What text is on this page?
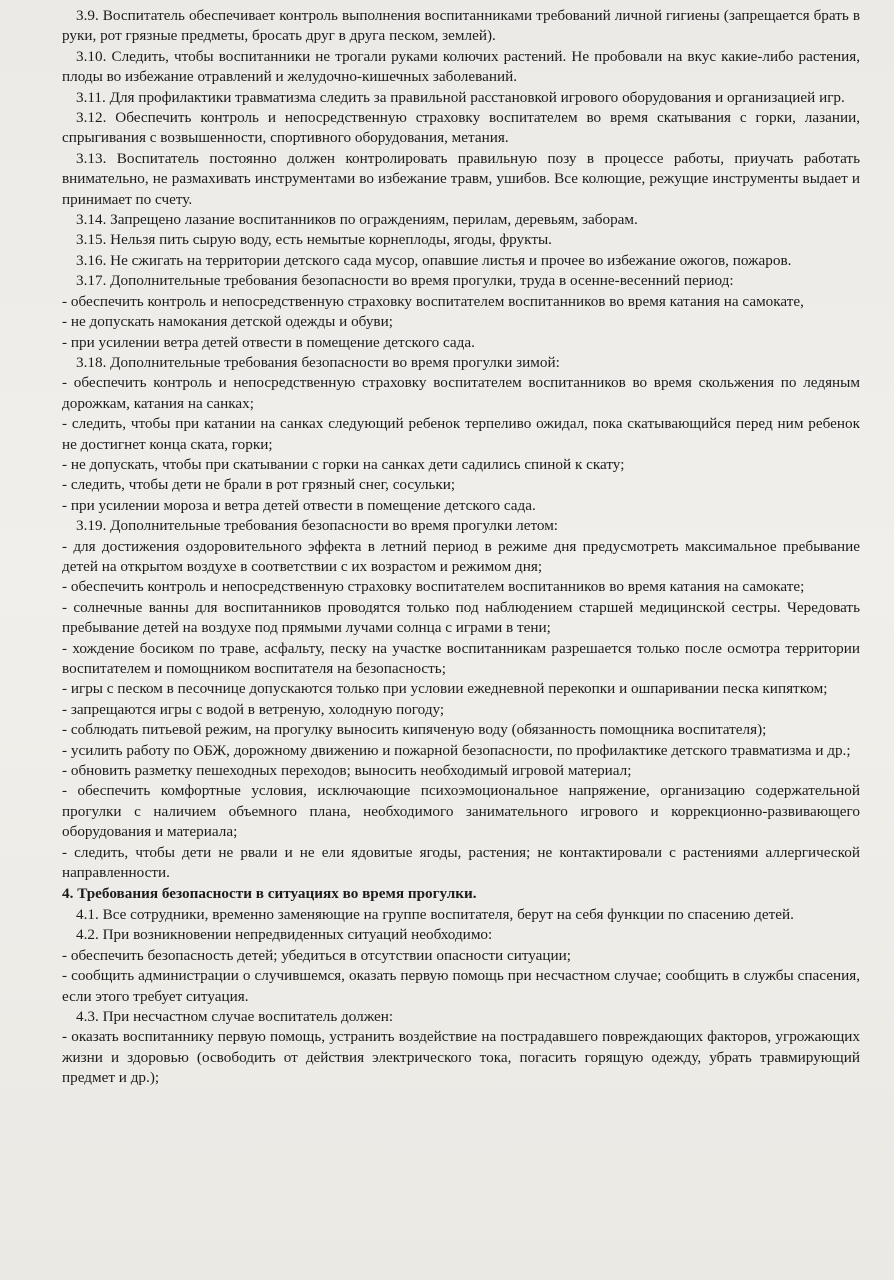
3.9. Воспитатель обеспечивает контроль выполнения воспитанниками требований личной гигиены (запрещается брать в руки, рот грязные предметы, бросать друг в друга песком, землей).

3.10. Следить, чтобы воспитанники не трогали руками колючих растений. Не пробовали на вкус какие-либо растения, плоды во избежание отравлений и желудочно-кишечных заболеваний.

3.11. Для профилактики травматизма следить за правильной расстановкой игрового оборудования и организацией игр.

3.12. Обеспечить контроль и непосредственную страховку воспитателем во время скатывания с горки, лазании, спрыгивания с возвышенности, спортивного оборудования, метания.

3.13. Воспитатель постоянно должен контролировать правильную позу в процессе работы, приучать работать внимательно, не размахивать инструментами во избежание травм, ушибов. Все колющие, режущие инструменты выдает и принимает по счету.

3.14. Запрещено лазание воспитанников по ограждениям, перилам, деревьям, заборам.

3.15. Нельзя пить сырую воду, есть немытые корнеплоды, ягоды, фрукты.

3.16. Не сжигать на территории детского сада мусор, опавшие листья и прочее во избежание ожогов, пожаров.

3.17. Дополнительные требования безопасности во время прогулки, труда в осенне-весенний период:

- обеспечить контроль и непосредственную страховку воспитателем воспитанников во время катания на самокате,

- не допускать намокания детской одежды и обуви;

- при усилении ветра детей отвести в помещение детского сада.

3.18. Дополнительные требования безопасности во время прогулки зимой:

- обеспечить контроль и непосредственную страховку воспитателем воспитанников во время скольжения по ледяным дорожкам, катания на санках;

- следить, чтобы при катании на санках следующий ребенок терпеливо ожидал, пока скатывающийся перед ним ребенок не достигнет конца ската, горки;

- не допускать, чтобы при скатывании с горки на санках дети садились спиной к скату;

- следить, чтобы дети не брали в рот грязный снег, сосульки;

- при усилении мороза и ветра детей отвести в помещение детского сада.

3.19. Дополнительные требования безопасности во время прогулки летом:

- для достижения оздоровительного эффекта в летний период в режиме дня предусмотреть максимальное пребывание детей на открытом воздухе в соответствии с их возрастом и режимом дня;

- обеспечить контроль и непосредственную страховку воспитателем воспитанников во время катания на самокате;

- солнечные ванны для воспитанников проводятся только под наблюдением старшей медицинской сестры. Чередовать пребывание детей на воздухе под прямыми лучами солнца с играми в тени;

- хождение босиком по траве, асфальту, песку на участке воспитанникам разрешается только после осмотра территории воспитателем и помощником воспитателя на безопасность;

- игры с песком в песочнице допускаются только при условии ежедневной перекопки и ошпаривании песка кипятком;

- запрещаются игры с водой в ветреную, холодную погоду;

- соблюдать питьевой режим, на прогулку выносить кипяченую воду (обязанность помощника воспитателя);

- усилить работу по ОБЖ, дорожному движению и пожарной безопасности, по профилактике детского травматизма и др.;

- обновить разметку пешеходных переходов; выносить необходимый игровой материал;

- обеспечить комфортные условия, исключающие психоэмоциональное напряжение, организацию содержательной прогулки с наличием объемного плана, необходимого занимательного игрового и коррекционно-развивающего оборудования и материала;

- следить, чтобы дети не рвали и не ели ядовитые ягоды, растения; не контактировали с растениями аллергической направленности.

4. Требования безопасности в ситуациях во время прогулки.

4.1. Все сотрудники, временно заменяющие на группе воспитателя, берут на себя функции по спасению детей.

4.2. При возникновении непредвиденных ситуаций необходимо:

- обеспечить безопасность детей; убедиться в отсутствии опасности ситуации;

- сообщить администрации о случившемся, оказать первую помощь при несчастном случае; сообщить в службы спасения, если этого требует ситуация.

4.3. При несчастном случае воспитатель должен:

- оказать воспитаннику первую помощь, устранить воздействие на пострадавшего повреждающих факторов, угрожающих жизни и здоровью (освободить от действия электрического тока, погасить горящую одежду, убрать травмирующий предмет и др.);
